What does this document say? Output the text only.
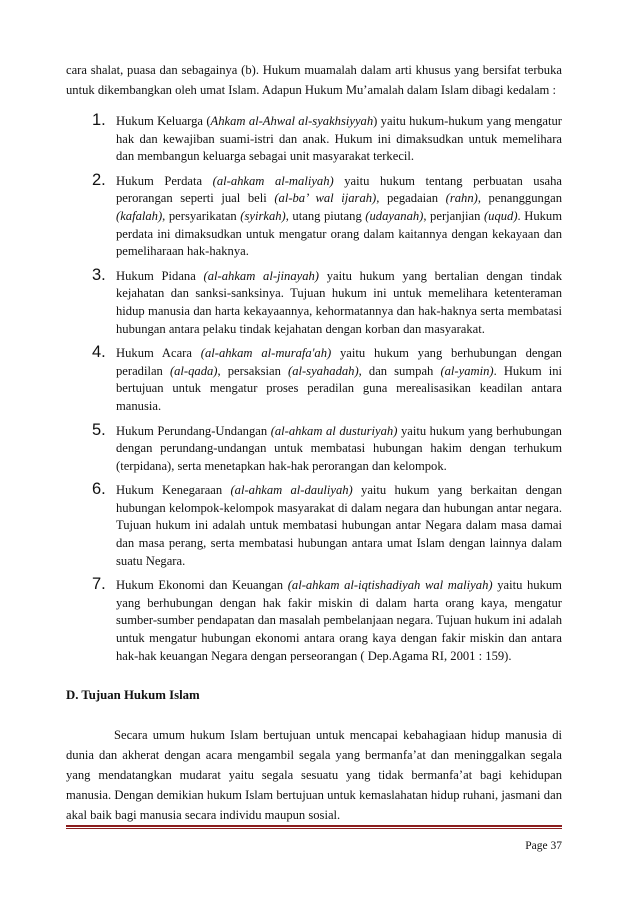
cara shalat, puasa dan sebagainya (b). Hukum muamalah dalam arti khusus yang bersifat terbuka untuk dikembangkan oleh umat Islam. Adapun Hukum Mu’amalah dalam Islam dibagi kedalam :

1. Hukum Keluarga (Ahkam al-Ahwal al-syakhsiyyah) yaitu hukum-hukum yang mengatur hak dan kewajiban suami-istri dan anak. Hukum ini dimaksudkan untuk memelihara dan membangun keluarga sebagai unit masyarakat terkecil.
2. Hukum Perdata (al-ahkam al-maliyah) yaitu hukum tentang perbuatan usaha perorangan seperti jual beli (al-ba’ wal ijarah), pegadaian (rahn), penanggungan (kafalah), persyarikatan (syirkah), utang piutang (udayanah), perjanjian (uqud). Hukum perdata ini dimaksudkan untuk mengatur orang dalam kaitannya dengan kekayaan dan pemeliharaan hak-haknya.
3. Hukum Pidana (al-ahkam al-jinayah) yaitu hukum yang bertalian dengan tindak kejahatan dan sanksi-sanksinya. Tujuan hukum ini untuk memelihara ketenteraman hidup manusia dan harta kekayaannya, kehormatannya dan hak-haknya serta membatasi hubungan antara pelaku tindak kejahatan dengan korban dan masyarakat.
4. Hukum Acara (al-ahkam al-murafa'ah) yaitu hukum yang berhubungan dengan peradilan (al-qada), persaksian (al-syahadah), dan sumpah (al-yamin). Hukum ini bertujuan untuk mengatur proses peradilan guna merealisasikan keadilan antara manusia.
5. Hukum Perundang-Undangan (al-ahkam al dusturiyah) yaitu hukum yang berhubungan dengan perundang-undangan untuk membatasi hubungan hakim dengan terhukum (terpidana), serta menetapkan hak-hak perorangan dan kelompok.
6. Hukum Kenegaraan (al-ahkam al-dauliyah) yaitu hukum yang berkaitan dengan hubungan kelompok-kelompok masyarakat di dalam negara dan hubungan antar negara. Tujuan hukum ini adalah untuk membatasi hubungan antar Negara dalam masa damai dan masa perang, serta membatasi hubungan antara umat Islam dengan lainnya dalam suatu Negara.
7. Hukum Ekonomi dan Keuangan (al-ahkam al-iqtishadiyah wal maliyah) yaitu hukum yang berhubungan dengan hak fakir miskin di dalam harta orang kaya, mengatur sumber-sumber pendapatan dan masalah pembelanjaan negara. Tujuan hukum ini adalah untuk mengatur hubungan ekonomi antara orang kaya dengan fakir miskin dan antara hak-hak keuangan Negara dengan perseorangan ( Dep.Agama RI, 2001 : 159).
D. Tujuan Hukum Islam

Secara umum hukum Islam bertujuan untuk mencapai kebahagiaan hidup manusia di dunia dan akherat dengan acara mengambil segala yang bermanfa’at dan meninggalkan segala yang mendatangkan mudarat yaitu segala sesuatu yang tidak bermanfa’at bagi kehidupan manusia. Dengan demikian hukum Islam bertujuan untuk kemaslahatan hidup ruhani, jasmani dan akal baik bagi manusia secara individu maupun sosial.

Page 37
